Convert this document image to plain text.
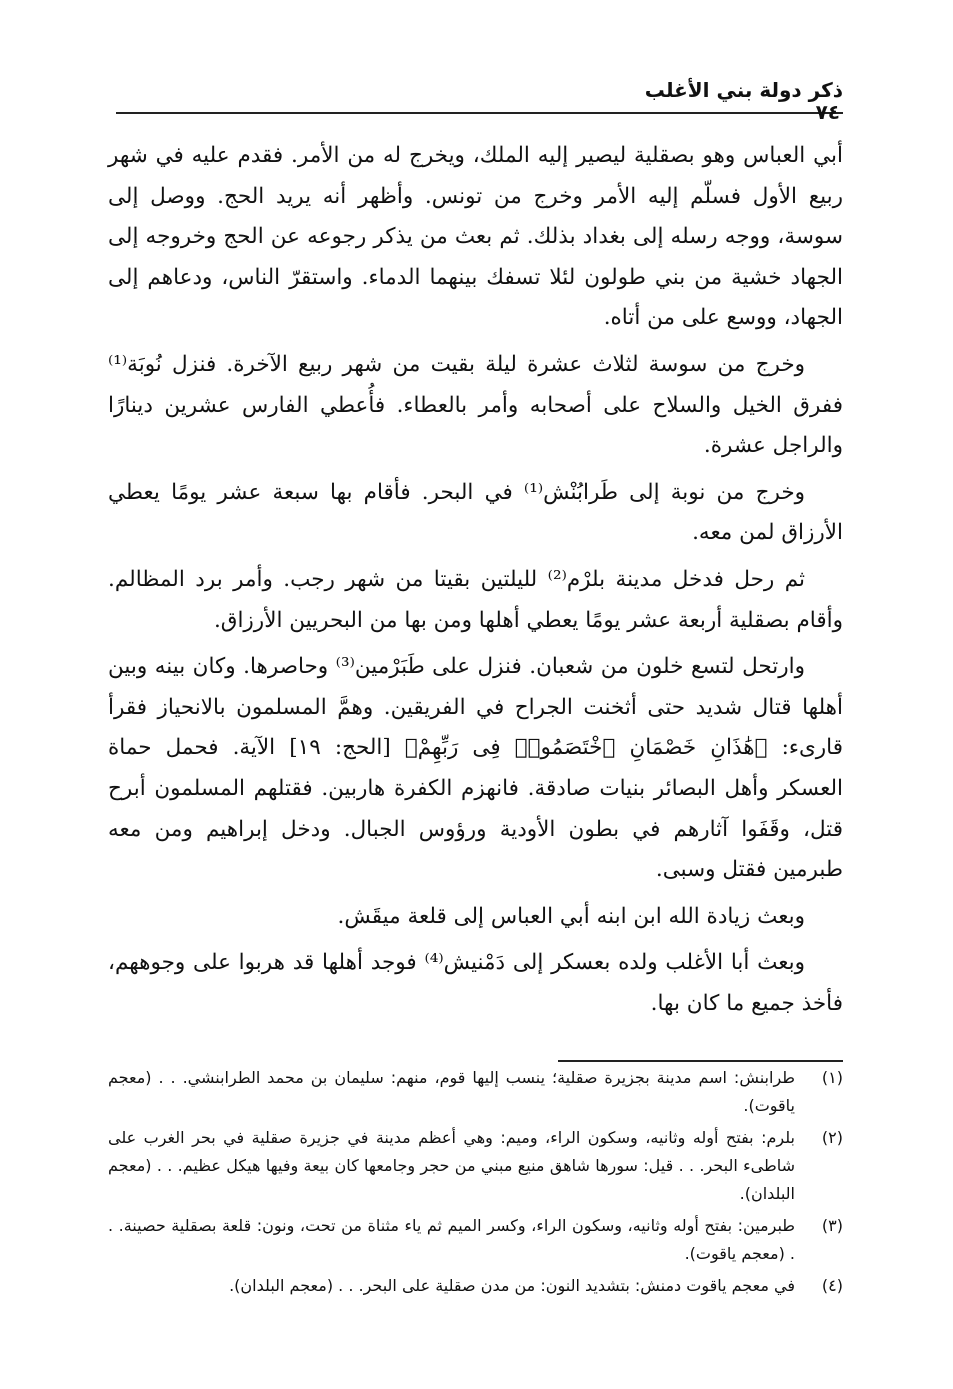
ذكر دولة بني الأغلب
٧٤

أبي العباس وهو بصقلية ليصير إليه الملك، ويخرج له من الأمر. فقدم عليه في شهر ربيع الأول فسلّم إليه الأمر وخرج من تونس. وأظهر أنه يريد الحج. ووصل إلى سوسة، ووجه رسله إلى بغداد بذلك. ثم بعث من يذكر رجوعه عن الحج وخروجه إلى الجهاد خشية من بني طولون لئلا تسفك بينهما الدماء. واستقرّ الناس، ودعاهم إلى الجهاد، ووسع على من أتاه.

وخرج من سوسة لثلاث عشرة ليلة بقيت من شهر ربيع الآخرة. فنزل نُوبَة⁽¹⁾ ففرق الخيل والسلاح على أصحابه وأمر بالعطاء. فأُعطي الفارس عشرين دينارًا والراجل عشرة.

وخرج من نوبة إلى طَرابُنْش⁽¹⁾ في البحر. فأقام بها سبعة عشر يومًا يعطي الأرزاق لمن معه.

ثم رحل فدخل مدينة بلرْم⁽²⁾ لليلتين بقيتا من شهر رجب. وأمر برد المظالم. وأقام بصقلية أربعة عشر يومًا يعطي أهلها ومن بها من البحريين الأرزاق.

وارتحل لتسع خلون من شعبان. فنزل على طَبَرْمين⁽³⁾ وحاصرها. وكان بينه وبين أهلها قتال شديد حتى أثخنت الجراح في الفريقين. وهمَّ المسلمون بالانحياز فقرأ قارىء: ﴿هَٰذَانِ خَصْمَانِ ٱخْتَصَمُوا۟ فِى رَبِّهِمْ﴾ [الحج: ١٩] الآية. فحمل حماة العسكر وأهل البصائر بنيات صادقة. فانهزم الكفرة هاربين. فقتلهم المسلمون أبرح قتل، وقَفَوا آثارهم في بطون الأودية ورؤوس الجبال. ودخل إبراهيم ومن معه طبرمين فقتل وسبى.

وبعث زيادة الله ابن ابنه أبي العباس إلى قلعة ميقَش.

وبعث أبا الأغلب ولده بعسكر إلى دَمْنيش⁽⁴⁾ فوجد أهلها قد هربوا على وجوههم، فأخذ جميع ما كان بها.

(١)
طرابنش: اسم مدينة بجزيرة صقلية؛ ينسب إليها قوم، منهم: سليمان بن محمد الطرابنشي. . . (معجم ياقوت).
(٢)
بلرم: بفتح أوله وثانيه، وسكون الراء، وميم: وهي أعظم مدينة في جزيرة صقلية في بحر الغرب على شاطىء البحر. . . قيل: سورها شاهق منيع مبني من حجر وجامعها كان بيعة وفيها هيكل عظيم. . . (معجم البلدان).
(٣)
طبرمين: بفتح أوله وثانيه، وسكون الراء، وكسر الميم ثم ياء مثناة من تحت، ونون: قلعة بصقلية حصينة. . . (معجم ياقوت).
(٤)
في معجم ياقوت دمنش: بتشديد النون: من مدن صقلية على البحر. . . (معجم البلدان).
